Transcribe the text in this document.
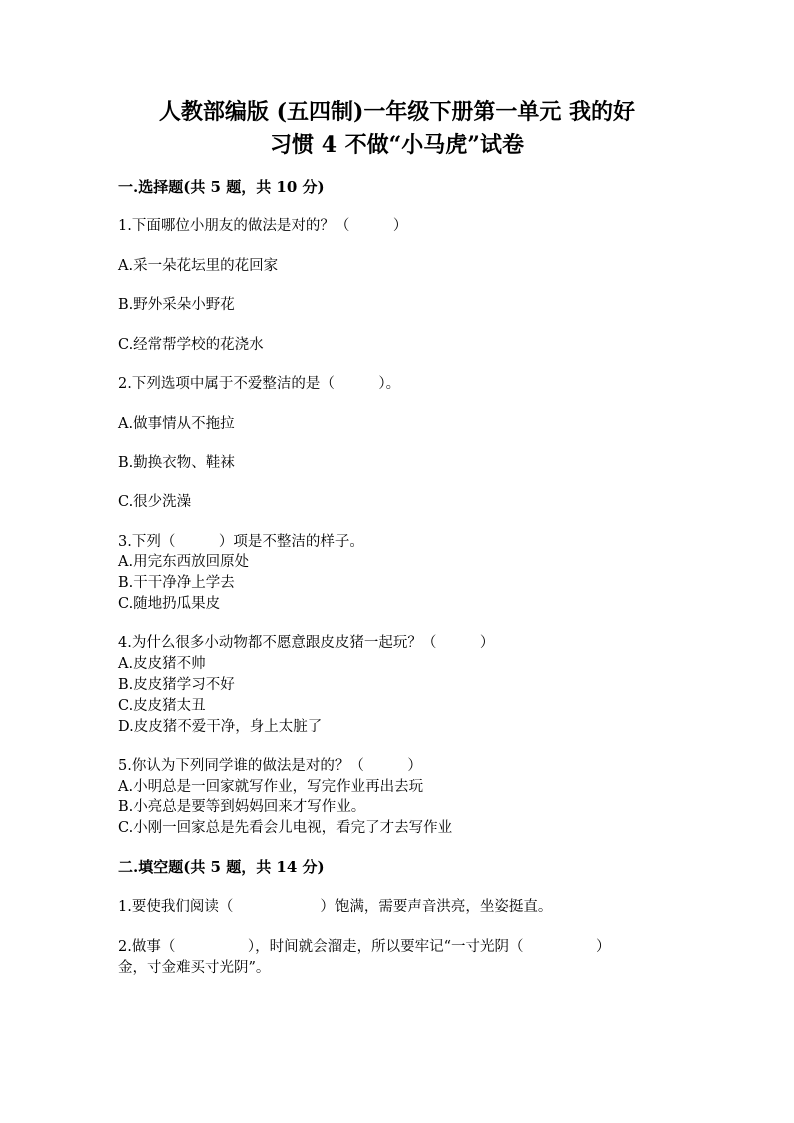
人教部编版 (五四制)一年级下册第一单元 我的好
习惯 4 不做“小马虎”试卷
一.选择题(共 5 题，共 10 分)
1.下面哪位小朋友的做法是对的？（　　　）
A.采一朵花坛里的花回家
B.野外采朵小野花
C.经常帮学校的花浇水
2.下列选项中属于不爱整洁的是（　　　）。
A.做事情从不拖拉
B.勤换衣物、鞋袜
C.很少洗澡
3.下列（　　　）项是不整洁的样子。
A.用完东西放回原处
B.干干净净上学去
C.随地扔瓜果皮
4.为什么很多小动物都不愿意跟皮皮猪一起玩？（　　　）
A.皮皮猪不帅
B.皮皮猪学习不好
C.皮皮猪太丑
D.皮皮猪不爱干净，身上太脏了
5.你认为下列同学谁的做法是对的？（　　　）
A.小明总是一回家就写作业，写完作业再出去玩
B.小亮总是要等到妈妈回来才写作业。
C.小刚一回家总是先看会儿电视，看完了才去写作业
二.填空题(共 5 题，共 14 分)
1.要使我们阅读（　　　　　　）饱满，需要声音洪亮，坐姿挺直。
2.做事（　　　　　），时间就会溜走，所以要牢记“一寸光阴（　　　　　）
金，寸金难买寸光阴”。
